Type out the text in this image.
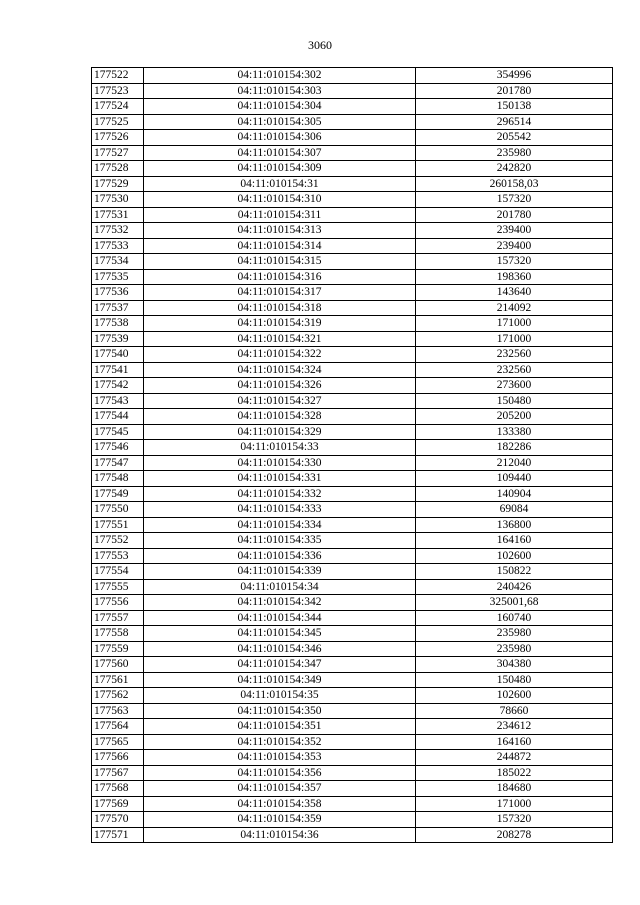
3060
177522	04:11:010154:302	354996
177523	04:11:010154:303	201780
177524	04:11:010154:304	150138
177525	04:11:010154:305	296514
177526	04:11:010154:306	205542
177527	04:11:010154:307	235980
177528	04:11:010154:309	242820
177529	04:11:010154:31	260158,03
177530	04:11:010154:310	157320
177531	04:11:010154:311	201780
177532	04:11:010154:313	239400
177533	04:11:010154:314	239400
177534	04:11:010154:315	157320
177535	04:11:010154:316	198360
177536	04:11:010154:317	143640
177537	04:11:010154:318	214092
177538	04:11:010154:319	171000
177539	04:11:010154:321	171000
177540	04:11:010154:322	232560
177541	04:11:010154:324	232560
177542	04:11:010154:326	273600
177543	04:11:010154:327	150480
177544	04:11:010154:328	205200
177545	04:11:010154:329	133380
177546	04:11:010154:33	182286
177547	04:11:010154:330	212040
177548	04:11:010154:331	109440
177549	04:11:010154:332	140904
177550	04:11:010154:333	69084
177551	04:11:010154:334	136800
177552	04:11:010154:335	164160
177553	04:11:010154:336	102600
177554	04:11:010154:339	150822
177555	04:11:010154:34	240426
177556	04:11:010154:342	325001,68
177557	04:11:010154:344	160740
177558	04:11:010154:345	235980
177559	04:11:010154:346	235980
177560	04:11:010154:347	304380
177561	04:11:010154:349	150480
177562	04:11:010154:35	102600
177563	04:11:010154:350	78660
177564	04:11:010154:351	234612
177565	04:11:010154:352	164160
177566	04:11:010154:353	244872
177567	04:11:010154:356	185022
177568	04:11:010154:357	184680
177569	04:11:010154:358	171000
177570	04:11:010154:359	157320
177571	04:11:010154:36	208278
